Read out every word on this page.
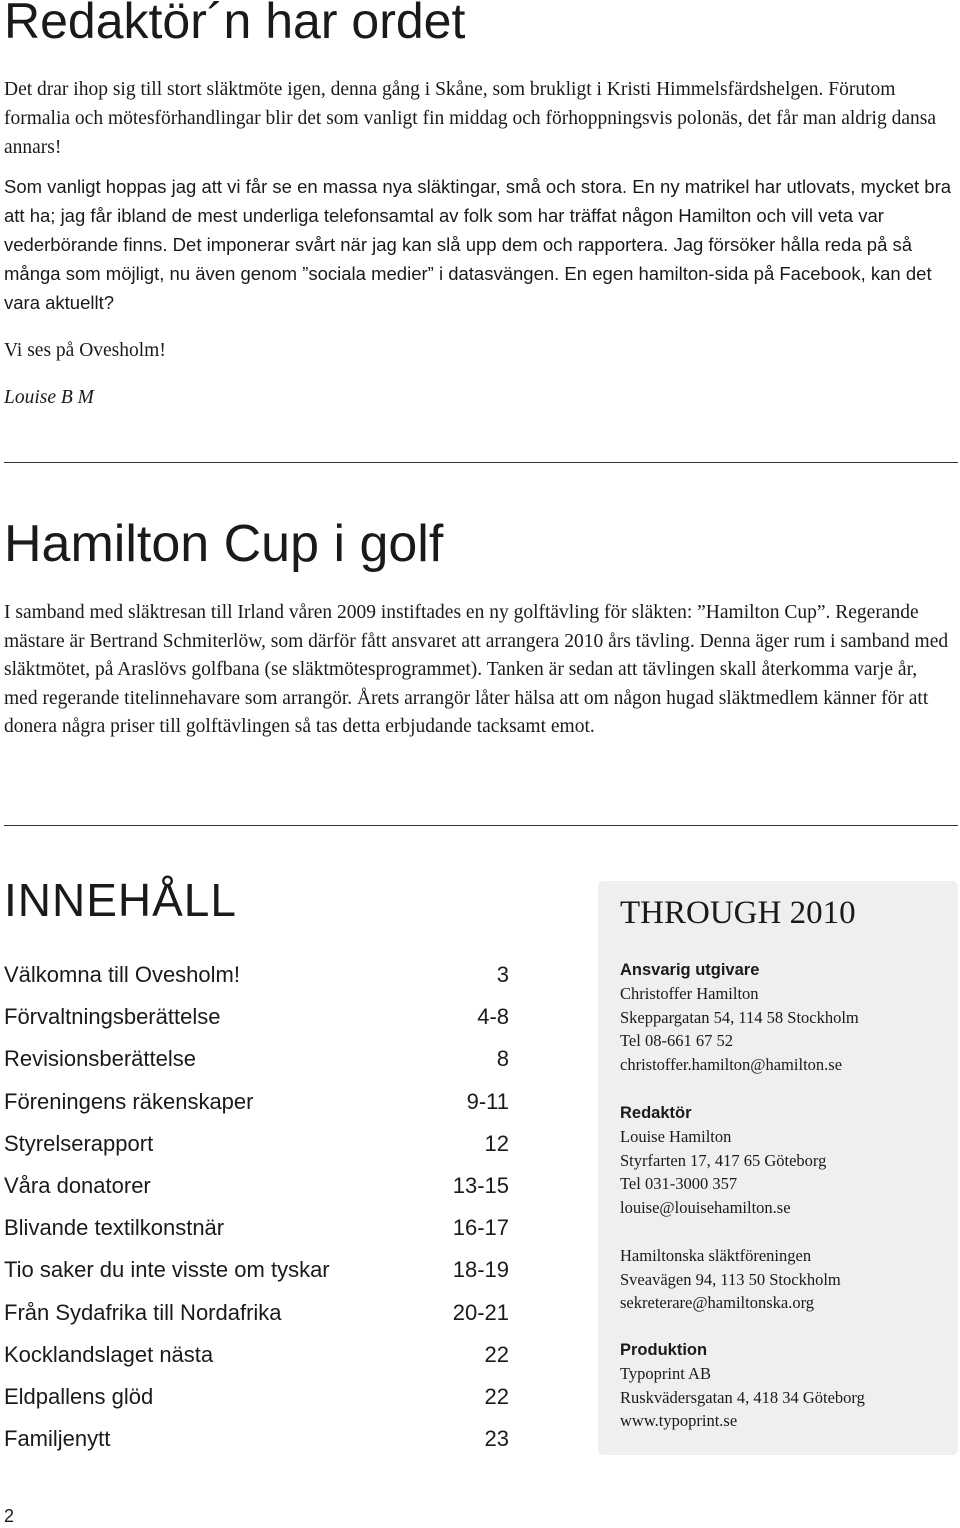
Redaktör´n har ordet

Det drar ihop sig till stort släktmöte igen, denna gång i Skåne, som brukligt i Kristi Himmelsfärdshelgen. Förutom formalia och mötesförhandlingar blir det som vanligt fin middag och förhoppningsvis polonäs, det får man aldrig dansa annars!

Som vanligt hoppas jag att vi får se en massa nya släktingar, små och stora. En ny matrikel har utlovats, mycket bra att ha; jag får ibland de mest underliga telefonsamtal av folk som har träffat någon Hamilton och vill veta var vederbörande finns. Det imponerar svårt när jag kan slå upp dem och rapportera. Jag försöker hålla reda på så många som möjligt, nu även genom ”sociala medier” i datasvängen. En egen hamilton-sida på Facebook, kan det vara aktuellt?

Vi ses på Ovesholm!

Louise B M

Hamilton Cup i golf

I samband med släktresan till Irland våren 2009 instiftades en ny golftävling för släkten: ”Hamilton Cup”. Regerande mästare är Bertrand Schmiterlöw, som därför fått ansvaret att arrangera 2010 års tävling. Denna äger rum i samband med släktmötet, på Araslövs golfbana (se släktmötesprogrammet). Tanken är sedan att tävlingen skall återkomma varje år, med regerande titelinnehavare som arrangör. Årets arrangör låter hälsa att om någon hugad släktmedlem känner för att donera några priser till golftävlingen så tas detta erbjudande tacksamt emot.

INNEHÅLL
Välkomna till Ovesholm!	3
Förvaltningsberättelse	4-8
Revisionsberättelse	8
Föreningens räkenskaper	9-11
Styrelserapport	12
Våra donatorer	13-15
Blivande textilkonstnär	16-17
Tio saker du inte visste om tyskar	18-19
Från Sydafrika till Nordafrika	20-21
Kocklandslaget nästa	22
Eldpallens glöd	22
Familjenytt	23
THROUGH 2010
Ansvarig utgivare
Christoffer Hamilton
Skeppargatan 54, 114 58 Stockholm
Tel 08-661 67 52
christoffer.hamilton@hamilton.se
Redaktör
Louise Hamilton
Styrfarten 17, 417 65 Göteborg
Tel 031-3000 357
louise@louisehamilton.se
Hamiltonska släktföreningen
Sveavägen 94, 113 50 Stockholm
sekreterare@hamiltonska.org
Produktion
Typoprint AB
Ruskvädersgatan 4, 418 34 Göteborg
www.typoprint.se
2
